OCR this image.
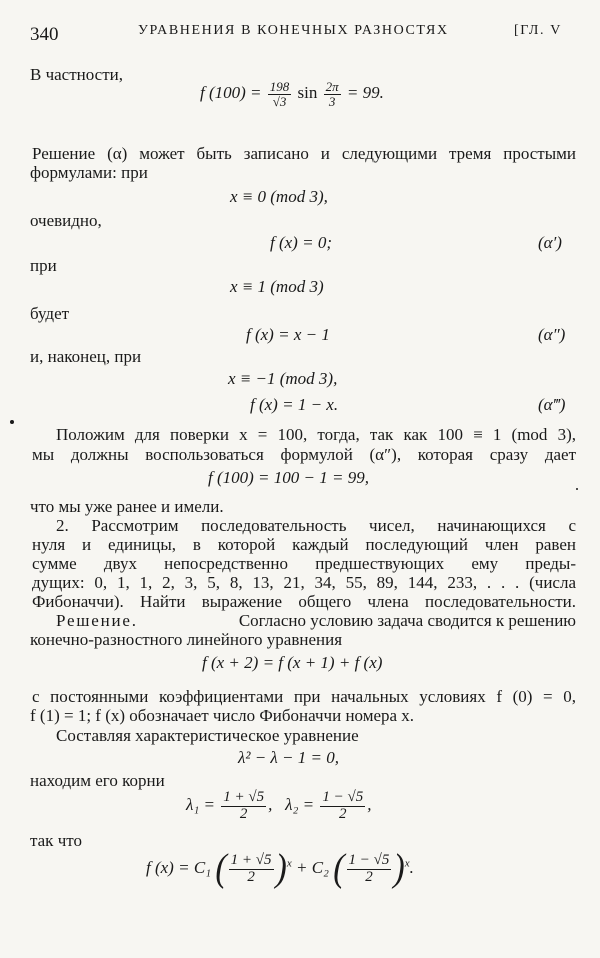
340	УРАВНЕНИЯ В КОНЕЧНЫХ РАЗНОСТЯХ	[ГЛ. V
В частности,
f $(100) = \frac{198}{√3}$ $\sin \frac{2\pi}{3} = 99$.
Решение (α) может быть записано и следующими тремя простыми
формулами: при
x ≡ 0 (mod 3),
очевидно,
f (x) = 0;	(α′)
при
x ≡ 1 (mod 3)
будет
f (x) = x − 1	(α″)
и, наконец, при
x ≡ −1 (mod 3),
f (x) = 1 − x.	(α‴)
Положим для поверки x = 100, тогда, так как 100 ≡ 1 (mod 3),
мы должны воспользоваться формулой (α″), которая сразу дает
f (100) = 100 − 1 = 99,
что мы уже ранее и имели.
2. Рассмотрим последовательность чисел, начинающихся с
нуля и единицы, в которой каждый последующий член равен
сумме двух непосредственно предшествующих ему преды-
дущих: 0, 1, 1, 2, 3, 5, 8, 13, 21, 34, 55, 89, 144, 233, . . . (числа
Фибоначчи). Найти выражение общего члена последовательности.
Решение.	Согласно условию задача сводится к решению
конечно-разностного линейного уравнения
f (x + 2) = f (x + 1) + f (x)
с постоянными коэффициентами при начальных условиях f (0) = 0,
f (1) = 1; f (x) обозначает число Фибоначчи номера x.
Составляя характеристическое уравнение
λ² − λ − 1 = 0,
находим его корни
$\lambda_1 = \frac{1 + √5}{2}$ ,   $\lambda_2 = \frac{1 - √5}{2}$ ,
так что
f (x) = C₁ ( $\frac{1 + √5}{2} )^x + C_2$ ( $\frac{1 - √5}{2} )^x$.
